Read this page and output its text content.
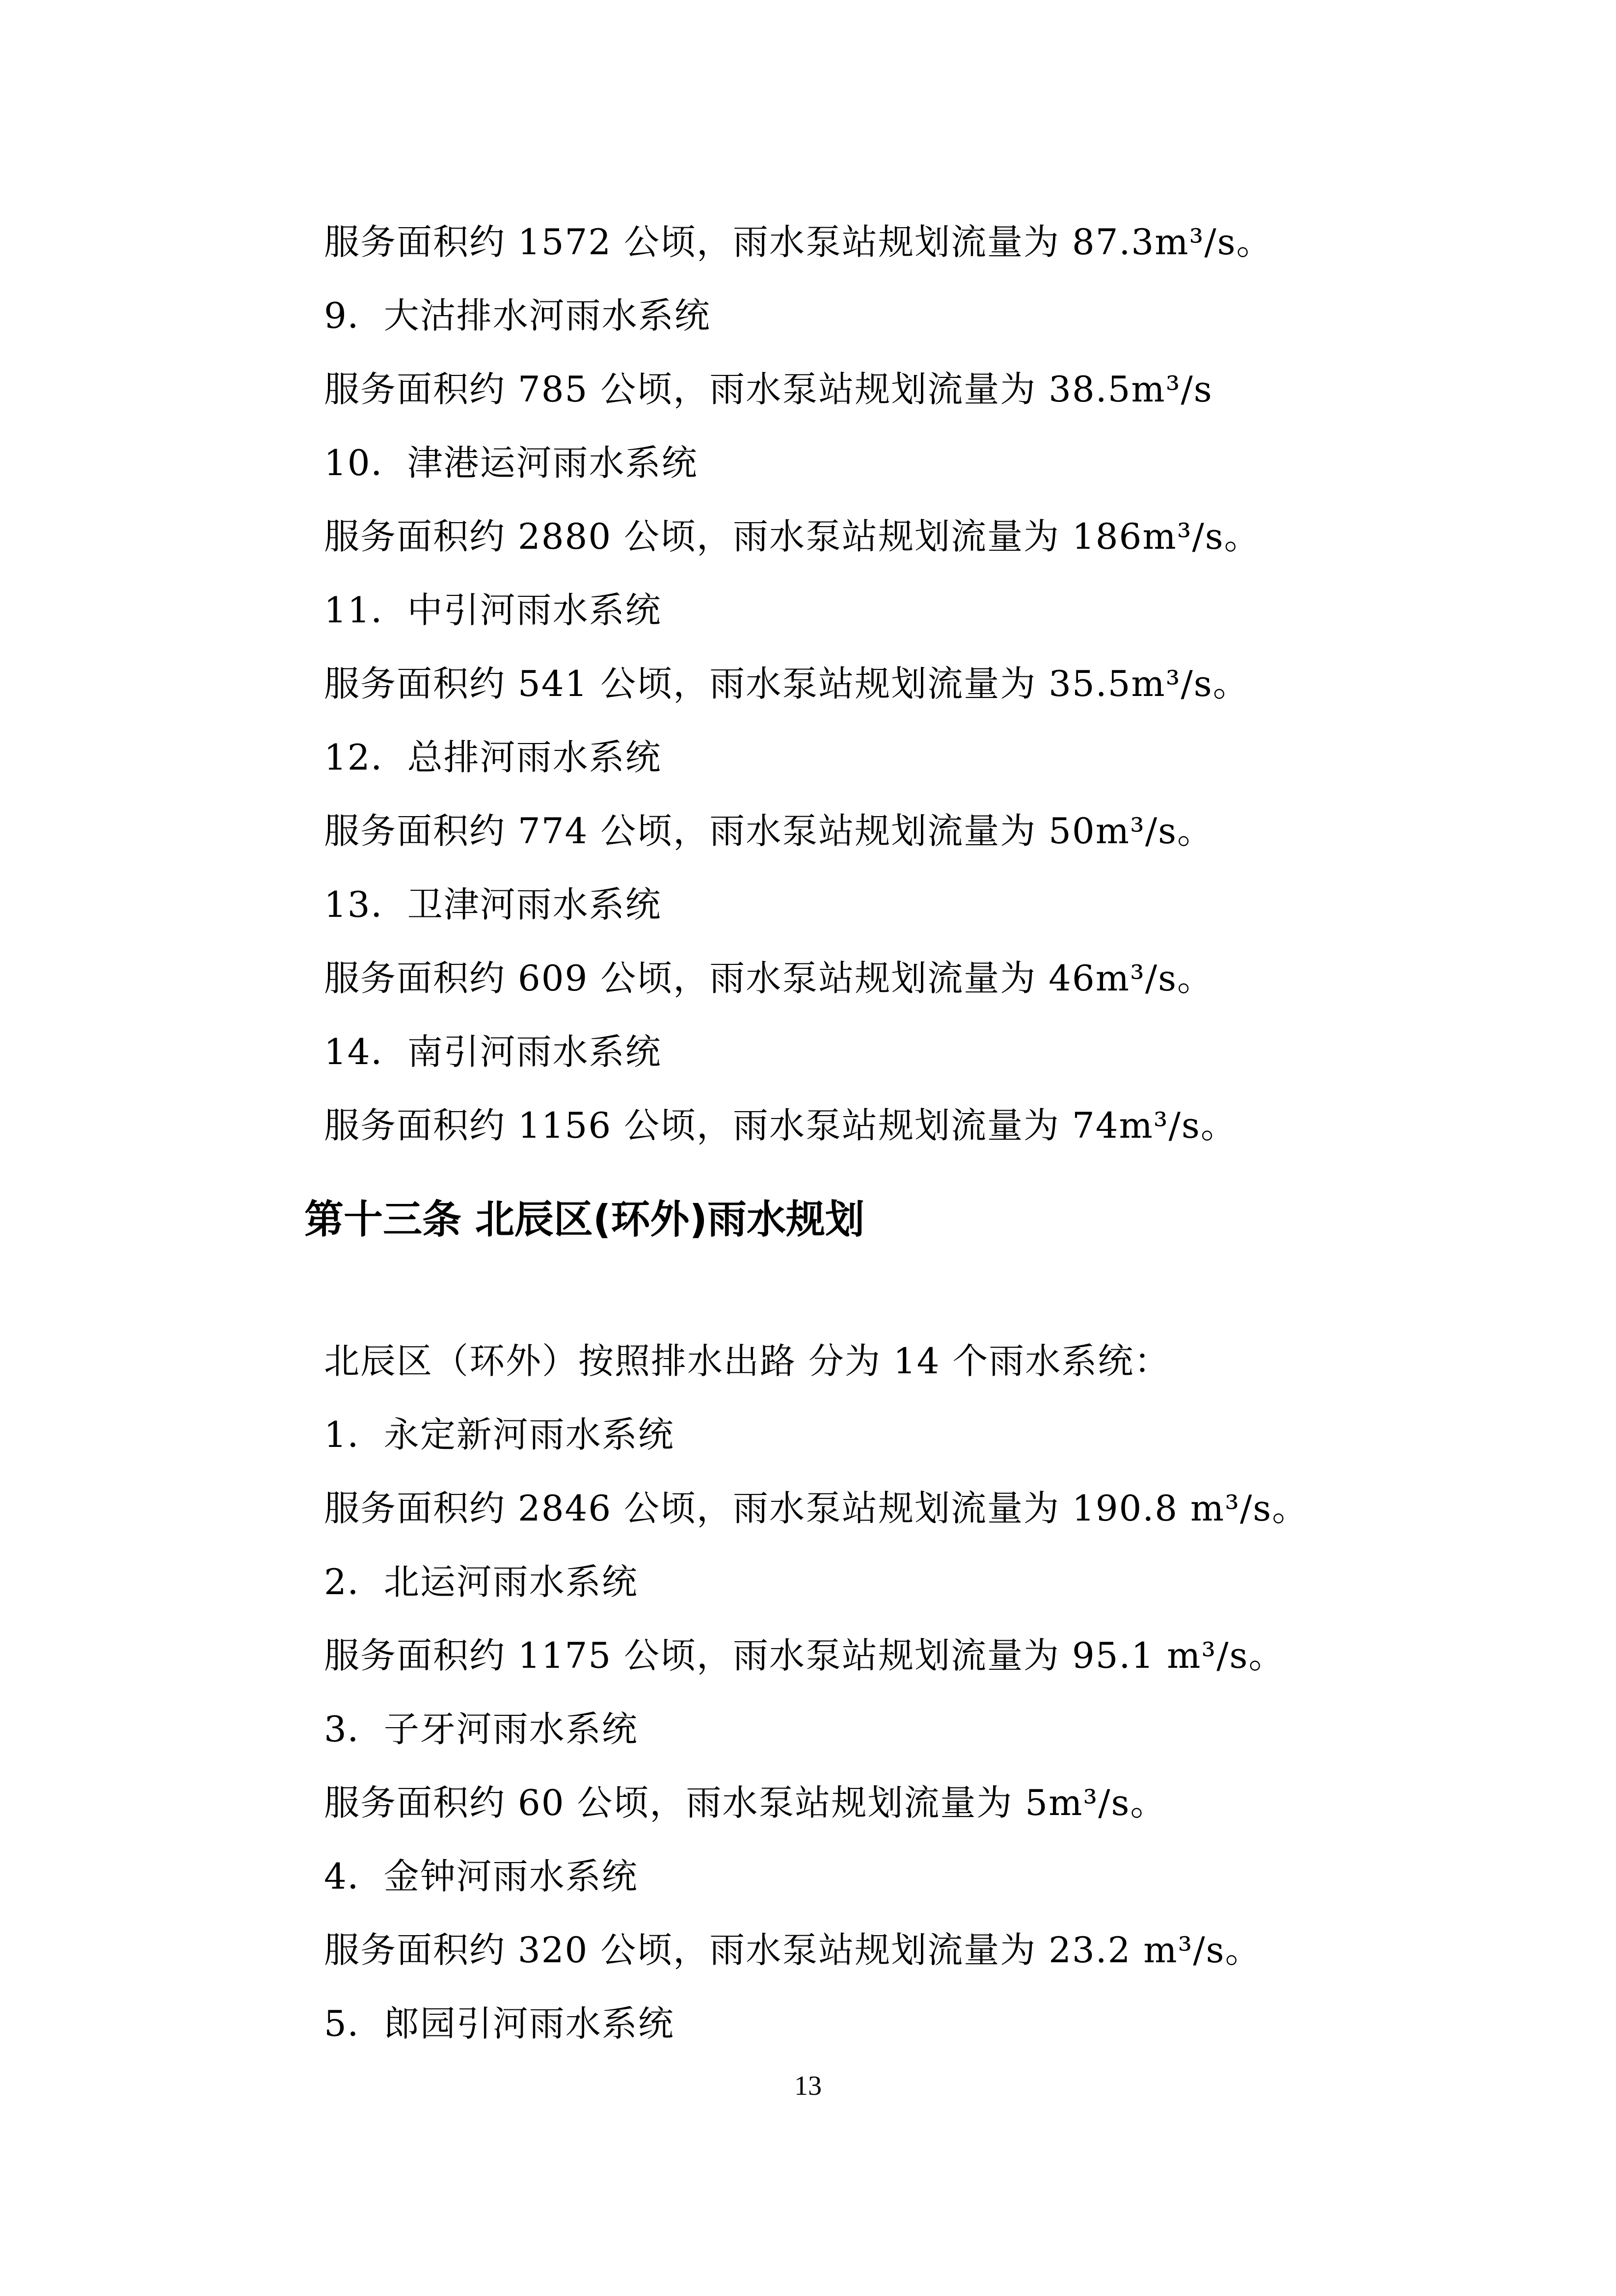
服务面积约 1572 公顷，雨水泵站规划流量为 87.3m³/s。
9．大沽排水河雨水系统
服务面积约 785 公顷，雨水泵站规划流量为 38.5m³/s
10．津港运河雨水系统
服务面积约 2880 公顷，雨水泵站规划流量为 186m³/s。
11．中引河雨水系统
服务面积约 541 公顷，雨水泵站规划流量为 35.5m³/s。
12．总排河雨水系统
服务面积约 774 公顷，雨水泵站规划流量为 50m³/s。
13．卫津河雨水系统
服务面积约 609 公顷，雨水泵站规划流量为 46m³/s。
14．南引河雨水系统
服务面积约 1156 公顷，雨水泵站规划流量为 74m³/s。
第十三条 北辰区(环外)雨水规划
北辰区（环外）按照排水出路 分为 14 个雨水系统：
1．永定新河雨水系统
服务面积约 2846 公顷，雨水泵站规划流量为 190.8 m³/s。
2．北运河雨水系统
服务面积约 1175 公顷，雨水泵站规划流量为 95.1 m³/s。
3．子牙河雨水系统
服务面积约 60 公顷，雨水泵站规划流量为 5m³/s。
4．金钟河雨水系统
服务面积约 320 公顷，雨水泵站规划流量为 23.2 m³/s。
5．郎园引河雨水系统
13
